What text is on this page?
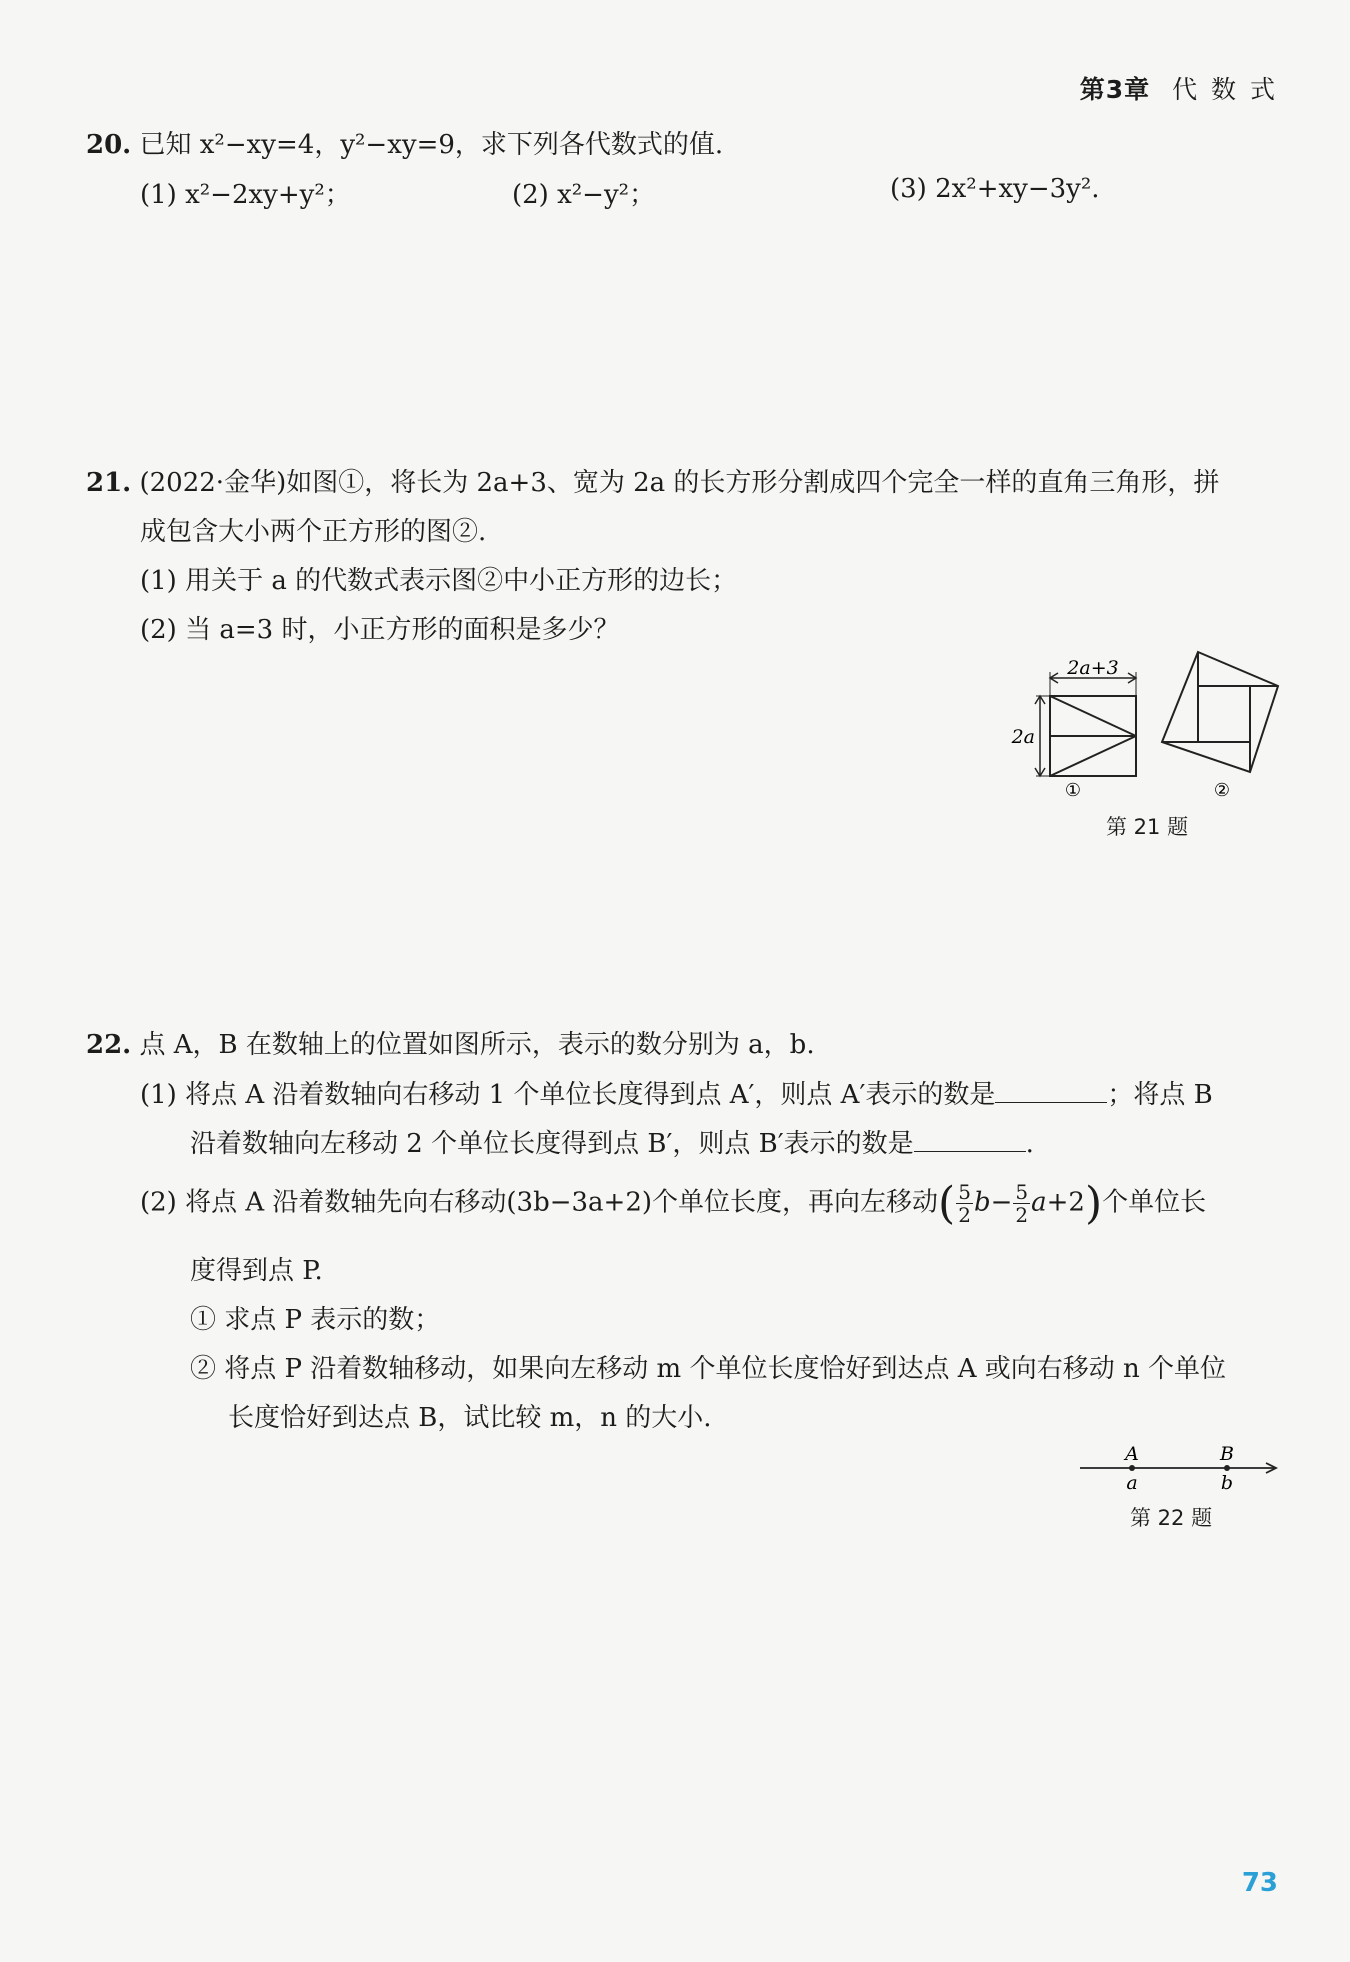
第3章 代 数 式
20. 已知 x²−xy=4，y²−xy=9，求下列各代数式的值.
(1) x²−2xy+y²；	(2) x²−y²；	(3) 2x²+xy−3y².
21. (2022·金华)如图①，将长为 2a+3、宽为 2a 的长方形分割成四个完全一样的直角三角形，拼
成包含大小两个正方形的图②.
(1) 用关于 a 的代数式表示图②中小正方形的边长；
(2) 当 a=3 时，小正方形的面积是多少？
2a+3
2a
①	②
第 21 题
22. 点 A，B 在数轴上的位置如图所示，表示的数分别为 a，b.
(1) 将点 A 沿着数轴向右移动 1 个单位长度得到点 A′，则点 A′表示的数是	；将点 B
沿着数轴向左移动 2 个单位长度得到点 B′，则点 B′表示的数是	.
(2) 将点 A 沿着数轴先向右移动(3b−3a+2)个单位长度，再向左移动( $\frac{5}{2} b- \frac{5}{2} a+2$)个单位长
度得到点 P.
① 求点 P 表示的数；
② 将点 P 沿着数轴移动，如果向左移动 m 个单位长度恰好到达点 A 或向右移动 n 个单位
长度恰好到达点 B，试比较 m，n 的大小.
A	B
a	b
第 22 题
73
